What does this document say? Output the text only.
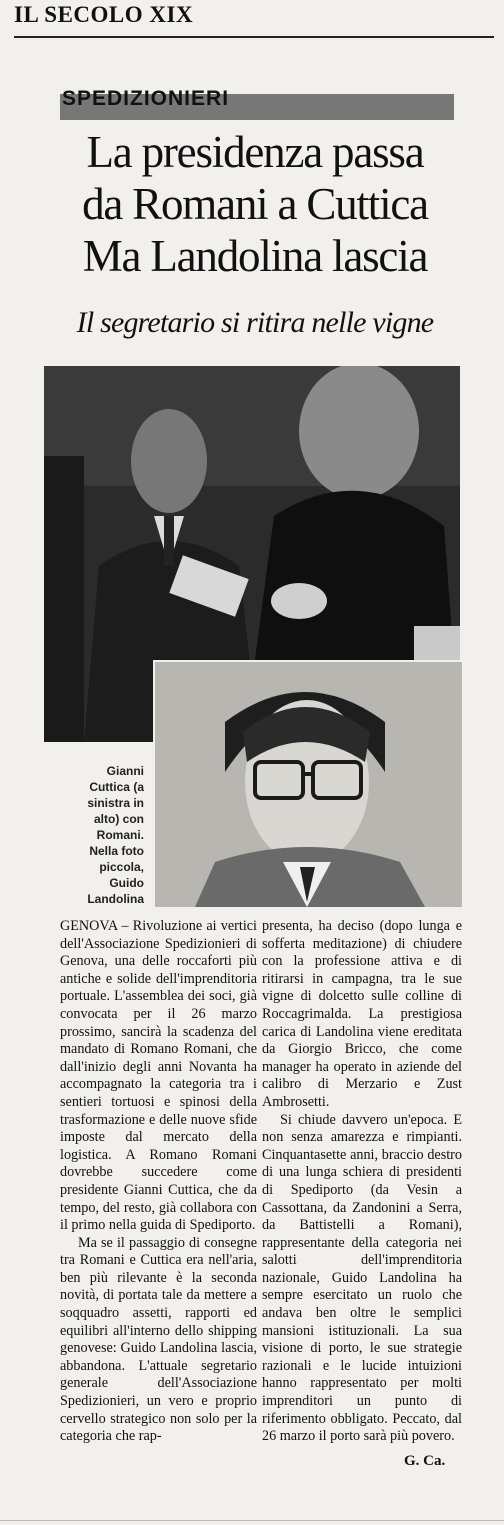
IL SECOLO XIX
SPEDIZIONIERI
La presidenza passa
da Romani a Cuttica
Ma Landolina lascia
Il segretario si ritira nelle vigne
Gianni
Cuttica (a
sinistra in
alto) con
Romani.
Nella foto
piccola,
Guido
Landolina

GENOVA – Rivoluzione ai vertici dell'Associazione Spedizionieri di Genova, una delle roccaforti più antiche e solide dell'imprenditoria portuale. L'assemblea dei soci, già convocata per il 26 marzo prossimo, sancirà la scadenza del mandato di Romano Romani, che dall'inizio degli anni Novanta ha accompagnato la categoria tra i sentieri tortuosi e spinosi della trasformazione e delle nuove sfide imposte dal mercato della logistica. A Romano Romani dovrebbe succedere come presidente Gianni Cuttica, che da tempo, del resto, già collabora con il primo nella guida di Spediporto.

Ma se il passaggio di consegne tra Romani e Cuttica era nell'aria, ben più rilevante è la seconda novità, di portata tale da mettere a soqquadro assetti, rapporti ed equilibri all'interno dello shipping genovese: Guido Landolina lascia, abbandona. L'attuale segretario generale dell'Associazione Spedizionieri, un vero e proprio cervello strategico non solo per la categoria che rap-

presenta, ha deciso (dopo lunga e sofferta meditazione) di chiudere con la professione attiva e di ritirarsi in campagna, tra le sue vigne di dolcetto sulle colline di Roccagrimalda. La prestigiosa carica di Landolina viene ereditata da Giorgio Bricco, che come manager ha operato in aziende del calibro di Merzario e Zust Ambrosetti.

Si chiude davvero un'epoca. E non senza amarezza e rimpianti. Cinquantasette anni, braccio destro di una lunga schiera di presidenti di Spediporto (da Vesin a Cassottana, da Zandonini a Serra, da Battistelli a Romani), rappresentante della categoria nei salotti dell'imprenditoria nazionale, Guido Landolina ha sempre esercitato un ruolo che andava ben oltre le semplici mansioni istituzionali. La sua visione di porto, le sue strategie razionali e le lucide intuizioni hanno rappresentato per molti imprenditori un punto di riferimento obbligato. Peccato, dal 26 marzo il porto sarà più povero.

G. Ca.
